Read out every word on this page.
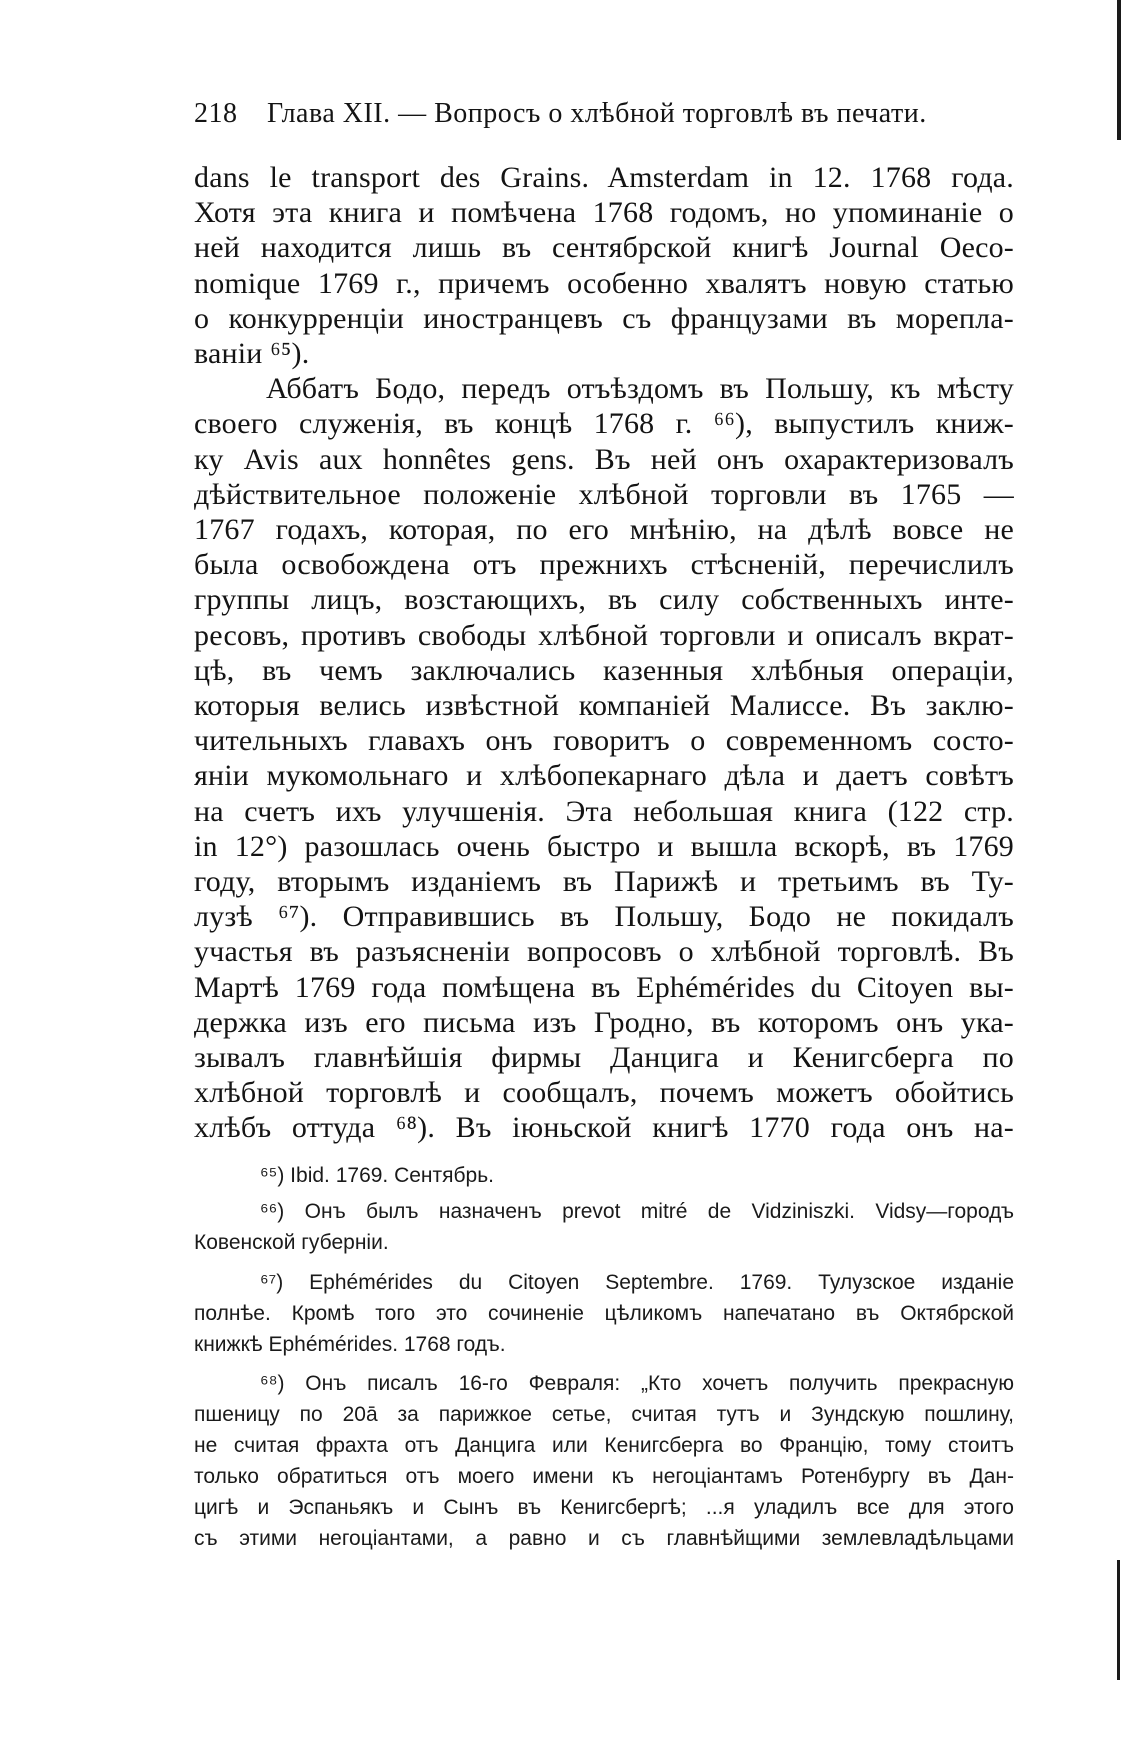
218 Глава XII. — Вопросъ о хлѣбной торговлѣ въ печати.

dans le transport des Grains. Amsterdam in 12. 1768 года.
Хотя эта книга и помѣчена 1768 годомъ, но упоминаніе о
ней находится лишь въ сентябрской книгѣ Journal Oeco-
nomique 1769 г., причемъ особенно хвалятъ новую статью
о конкурренціи иностранцевъ съ французами въ морепла-
ваніи ⁶⁵).

Аббатъ Бодо, передъ отъѣздомъ въ Польшу, къ мѣсту
своего служенія, въ концѣ 1768 г. ⁶⁶), выпустилъ книж-
ку Avis aux honnêtes gens. Въ ней онъ охарактеризовалъ
дѣйствительное положеніе хлѣбной торговли въ 1765 —
1767 годахъ, которая, по его мнѣнію, на дѣлѣ вовсе не
была освобождена отъ прежнихъ стѣсненій, перечислилъ
группы лицъ, возстающихъ, въ силу собственныхъ инте-
ресовъ, противъ свободы хлѣбной торговли и описалъ вкрат-
цѣ, въ чемъ заключались казенныя хлѣбныя операціи,
которыя велись извѣстной компаніей Малиссе. Въ заклю-
чительныхъ главахъ онъ говоритъ о современномъ состо-
яніи мукомольнаго и хлѣбопекарнаго дѣла и даетъ совѣтъ
на счетъ ихъ улучшенія. Эта небольшая книга (122 стр.
in 12°) разошлась очень быстро и вышла вскорѣ, въ 1769
году, вторымъ изданіемъ въ Парижѣ и третьимъ въ Ту-
лузѣ ⁶⁷). Отправившись въ Польшу, Бодо не покидалъ
участья въ разъясненіи вопросовъ о хлѣбной торговлѣ. Въ
Мартѣ 1769 года помѣщена въ Ephémérides du Citoyen вы-
держка изъ его письма изъ Гродно, въ которомъ онъ ука-
зывалъ главнѣйшія фирмы Данцига и Кенигсберга по
хлѣбной торговлѣ и сообщалъ, почемъ можетъ обойтись
хлѣбъ оттуда ⁶⁸). Въ іюньской книгѣ 1770 года онъ на-

⁶⁵) Ibid. 1769. Сентябрь.
⁶⁶) Онъ былъ назначенъ prevot mitré de Vidziniszki. Vidsy—городъ
Ковенской губерніи.
⁶⁷) Ephémérides du Citoyen Septembre. 1769. Тулузское изданіе
полнѣе. Кромѣ того это сочиненіе цѣликомъ напечатано въ Октябрской
книжкѣ Ephémérides. 1768 годъ.
⁶⁸) Онъ писалъ 16-го Февраля: „Кто хочетъ получить прекрасную
пшеницу по 20ā за парижкое сетье, считая тутъ и Зундскую пошлину,
не считая фрахта отъ Данцига или Кенигсберга во Францію, тому стоитъ
только обратиться отъ моего имени къ негоціантамъ Ротенбургу въ Дан-
цигѣ и Эспаньякъ и Сынъ въ Кенигсбергѣ; ...я уладилъ все для этого
съ этими негоціантами, а равно и съ главнѣйщими землевладѣльцами
